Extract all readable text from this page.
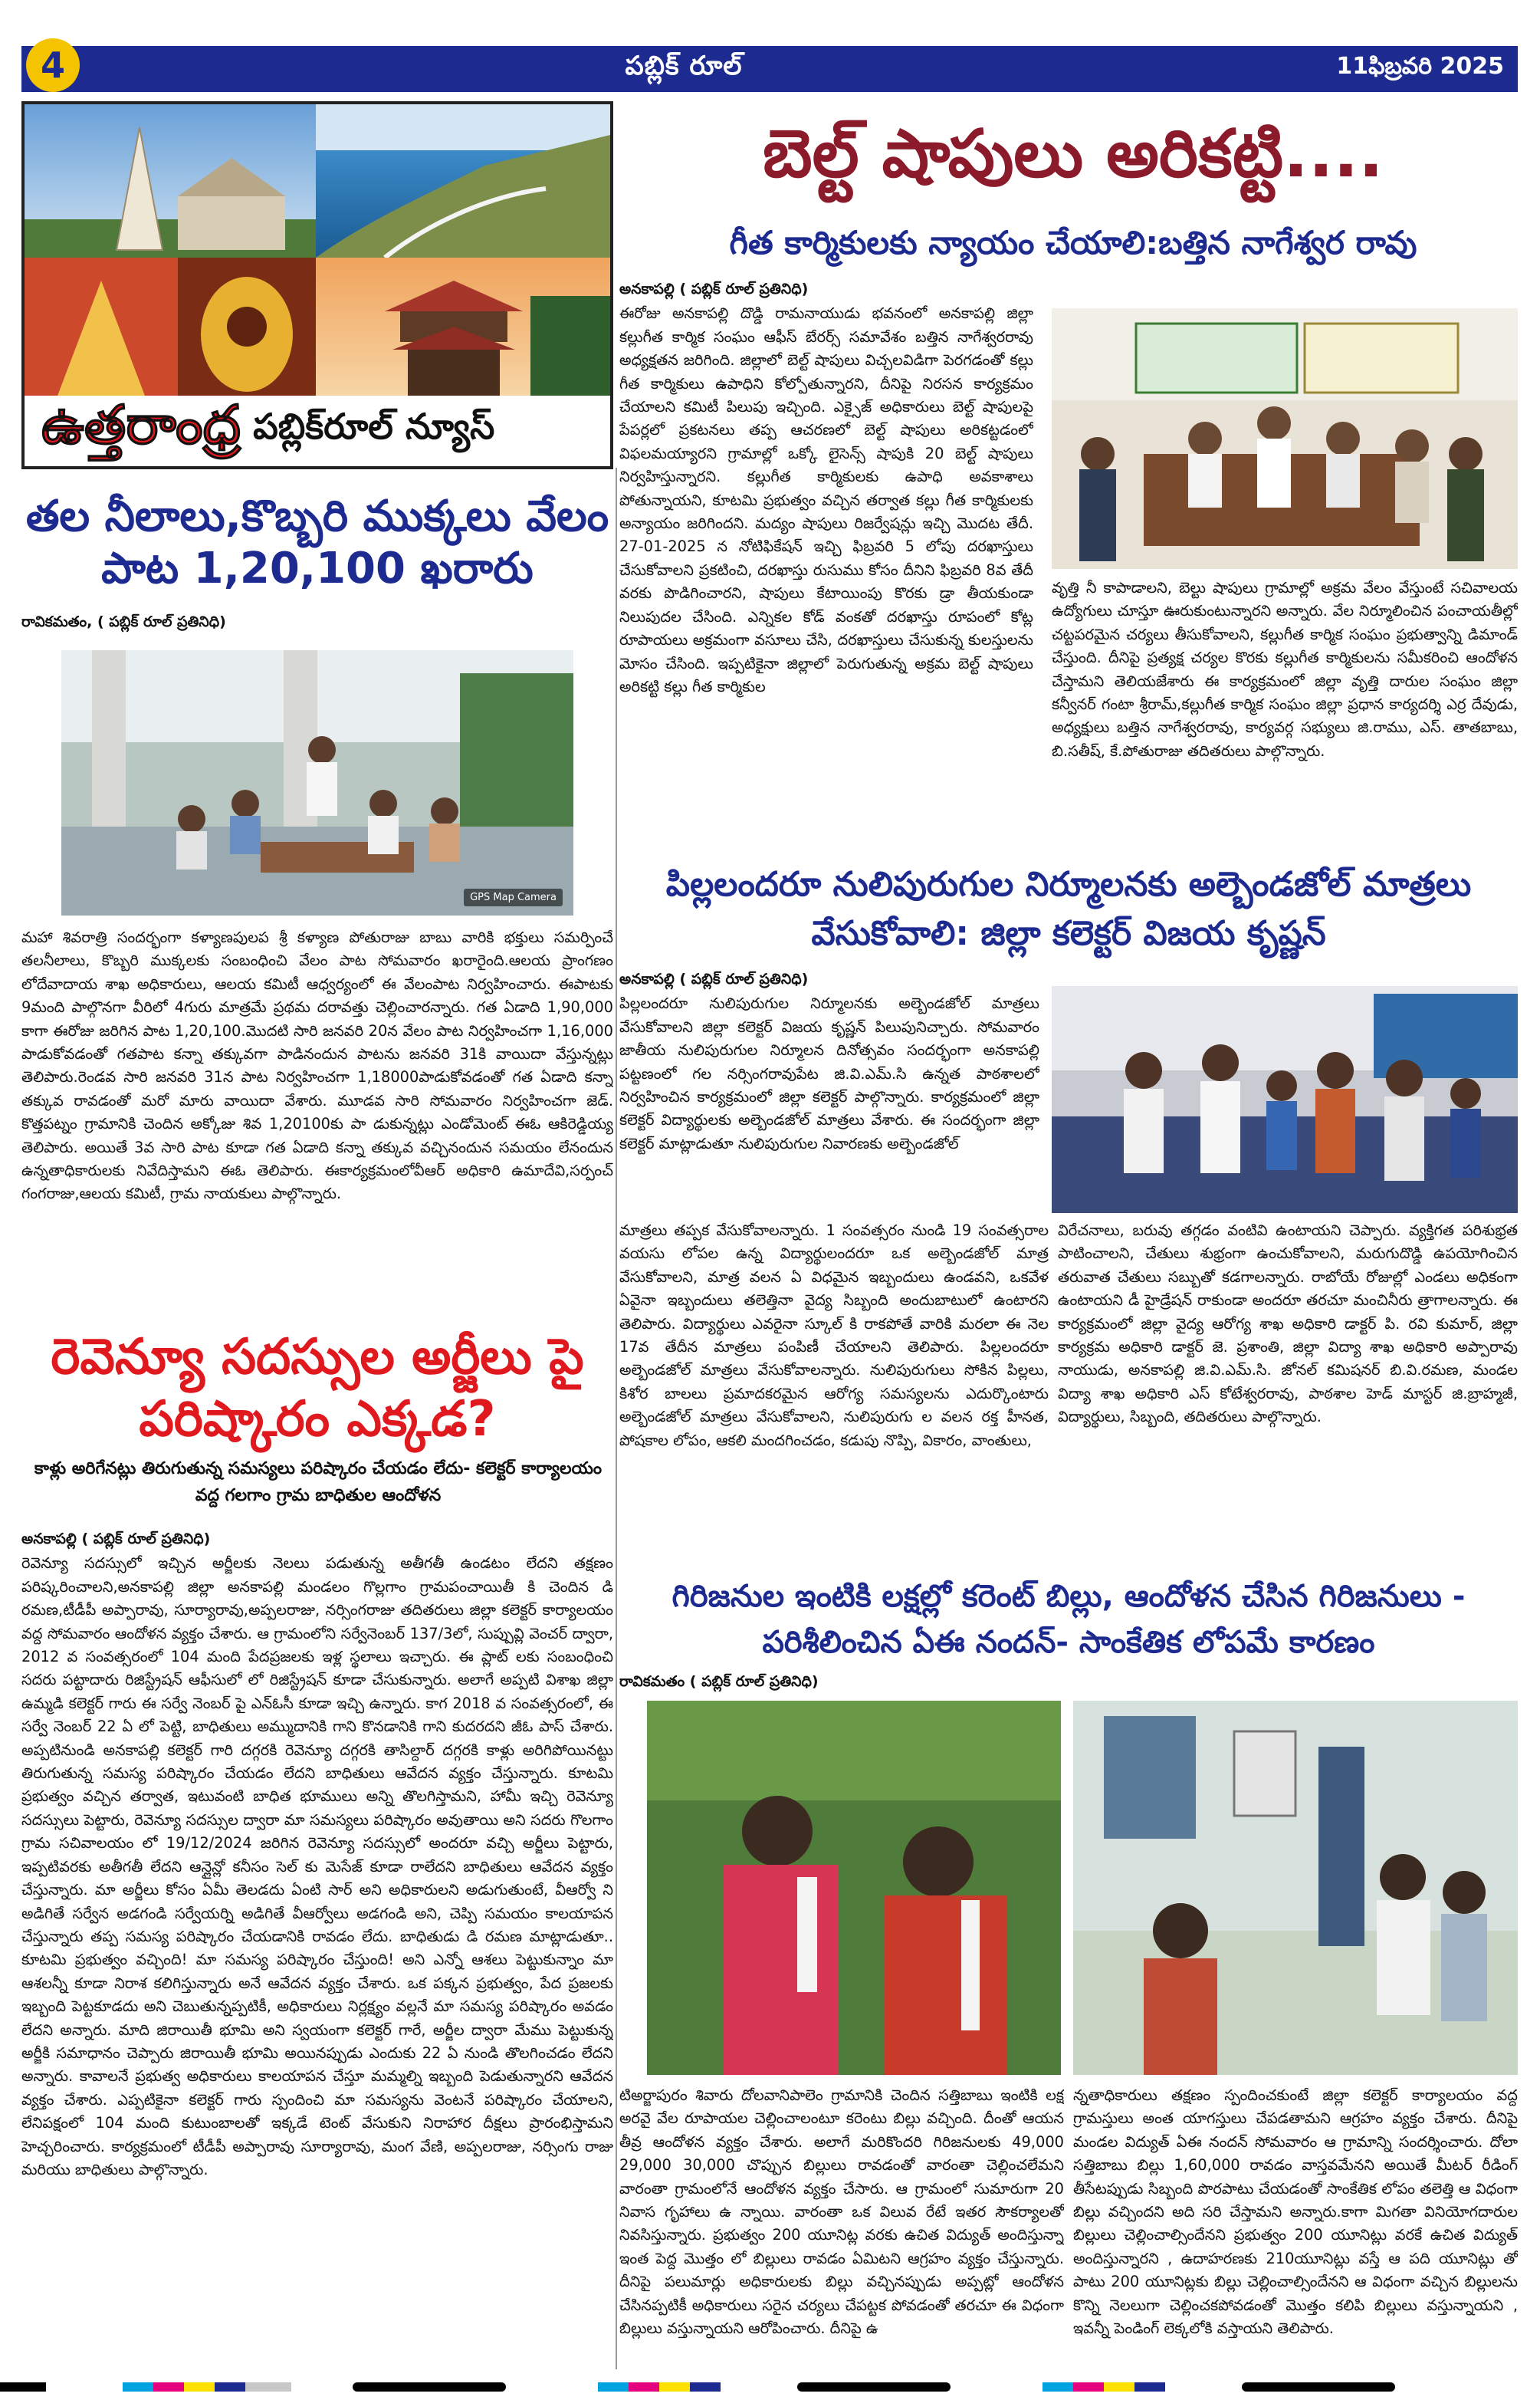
4	పబ్లిక్ రూల్	11ఫిబ్రవరి 2025
ఉత్తరాంధ్ర పబ్లిక్‌రూల్ న్యూస్
బెల్ట్ షాపులు అరికట్టి....
గీత కార్మికులకు న్యాయం చేయాలి:బత్తిన నాగేశ్వర రావు
అనకాపల్లి ( పబ్లిక్ రూల్ ప్రతినిధి)
ఈరోజు అనకాపల్లి దొడ్డి రామనాయుడు భవనంలో అనకాపల్లి జిల్లా కల్లుగీత కార్మిక సంఘం ఆఫీస్ బేరర్స్ సమావేశం బత్తిన నాగేశ్వరరావు అధ్యక్షతన జరిగింది. జిల్లాలో బెల్ట్ షాపులు విచ్చలవిడిగా పెరగడంతో కల్లు గీత కార్మికులు ఉపాధిని కోల్పోతున్నారని, దీనిపై నిరసన కార్యక్రమం చేయాలని కమిటీ పిలుపు ఇచ్చింది. ఎక్సైజ్ అధికారులు బెల్ట్ షాపులపై పేపర్లలో ప్రకటనలు తప్ప ఆచరణలో బెల్ట్ షాపులు అరికట్టడంలో విఫలమయ్యారని గ్రామాల్లో ఒక్కో లైసెన్స్ షాపుకి 20 బెల్ట్ షాపులు నిర్వహిస్తున్నారని. కల్లుగీత కార్మికులకు ఉపాధి అవకాశాలు పోతున్నాయని, కూటమి ప్రభుత్వం వచ్చిన తర్వాత కల్లు గీత కార్మికులకు అన్యాయం జరిగిందని. మద్యం షాపులు రిజర్వేషన్లు ఇచ్చి మొదట తేదీ. 27-01-2025 న నోటిఫికేషన్ ఇచ్చి ఫిబ్రవరి 5 లోపు దరఖాస్తులు చేసుకోవాలని ప్రకటించి, దరఖాస్తు రుసుము కోసం దీనిని ఫిబ్రవరి 8వ తేదీ వరకు పొడిగించారని, షాపులు కేటాయింపు కొరకు డ్రా తీయకుండా నిలుపుదల చేసింది. ఎన్నికల కోడ్ వంకతో దరఖాస్తు రూపంలో కోట్ల రూపాయలు అక్రమంగా వసూలు చేసి, దరఖాస్తులు చేసుకున్న కులస్తులను మోసం చేసింది. ఇప్పటికైనా జిల్లాలో పెరుగుతున్న అక్రమ బెల్ట్ షాపులు అరికట్టి కల్లు గీత కార్మికుల
వృత్తి నీ కాపాడాలని, బెల్టు షాపులు గ్రామాల్లో అక్రమ వేలం వేస్తుంటే సచివాలయ ఉద్యోగులు చూస్తూ ఊరుకుంటున్నారని అన్నారు. వేల నిర్మూలించిన పంచాయతీల్లో చట్టపరమైన చర్యలు తీసుకోవాలని, కల్లుగీత కార్మిక సంఘం ప్రభుత్వాన్ని డిమాండ్ చేస్తుంది. దీనిపై ప్రత్యక్ష చర్యల కొరకు కల్లుగీత కార్మికులను సమీకరించి ఆందోళన చేస్తామని తెలియజేశారు ఈ కార్యక్రమంలో జిల్లా వృత్తి దారుల సంఘం జిల్లా కన్వీనర్ గంటా శ్రీరామ్,కల్లుగీత కార్మిక సంఘం జిల్లా ప్రధాన కార్యదర్శి ఎర్ర దేవుడు, అధ్యక్షులు బత్తిన నాగేశ్వరరావు, కార్యవర్గ సభ్యులు జి.రాము, ఎస్. తాతబాబు, బి.సతీష్, కే.పోతురాజు తదితరులు పాల్గొన్నారు.
తల నీలాలు,కొబ్బరి ముక్కలు వేలం పాట 1,20,100 ఖరారు
రావికమతం, ( పబ్లిక్ రూల్ ప్రతినిధి)
GPS Map Camera
మహా శివరాత్రి సందర్భంగా కళ్యాణపులప శ్రీ కళ్యాణ పోతురాజు బాబు వారికి భక్తులు సమర్పించే తలనీలాలు, కొబ్బరి ముక్కలకు సంబంధించి వేలం పాట సోమవారం ఖరారైంది.ఆలయ ప్రాంగణం లోదేవాదాయ శాఖ అధికారులు, ఆలయ కమిటీ ఆధ్వర్యంలో ఈ వేలంపాట నిర్వహించారు. ఈపాటకు 9మంది పాల్గొనగా వీరిలో 4గురు మాత్రమే ప్రథమ దరావత్తు చెల్లించారన్నారు. గత ఏడాది 1,90,000 కాగా ఈరోజు జరిగిన పాట 1,20,100.మొదటి సారి జనవరి 20న వేలం పాట నిర్వహించగా 1,16,000 పాడుకోవడంతో గతపాట కన్నా తక్కువగా పాడినందున పాటను జనవరి 31కి వాయిదా వేస్తున్నట్లు తెలిపారు.రెండవ సారి జనవరి 31న పాట నిర్వహించగా 1,18000పాడుకోవడంతో గత ఏడాది కన్నా తక్కువ రావడంతో మరో మారు వాయిదా వేశారు. మూడవ సారి సోమవారం నిర్వహించగా జెడ్. కొత్తపట్నం గ్రామానికి చెందిన అక్కోజు శివ 1,20100కు పా డుకున్నట్లు ఎండోమెంట్ ఈఓ ఆకిరెడ్డియ్య తెలిపారు. అయితే 3వ సారి పాట కూడా గత ఏడాది కన్నా తక్కువ వచ్చినందున సమయం లేనందున ఉన్నతాధికారులకు నివేదిస్తామని ఈఓ తెలిపారు. ఈకార్యక్రమంలోవీఆర్ అధికారి ఉమాదేవి,సర్పంచ్ గంగరాజు,ఆలయ కమిటీ, గ్రామ నాయకులు పాల్గొన్నారు.
రెవెన్యూ సదస్సుల అర్జీలు పై పరిష్కారం ఎక్కడ?
కాళ్లు అరిగేనట్లు తిరుగుతున్న సమస్యలు పరిష్కారం చేయడం లేదు- కలెక్టర్ కార్యాలయం వద్ద గలగాం గ్రామ బాధితుల ఆందోళన
అనకాపల్లి ( పబ్లిక్ రూల్ ప్రతినిధి)
రెవెన్యూ సదస్సులో ఇచ్చిన అర్జీలకు నెలలు పడుతున్న అతీగతీ ఉండటం లేదని తక్షణం పరిష్కరించాలని,అనకాపల్లి జిల్లా అనకాపల్లి మండలం గొల్లగాం గ్రామపంచాయితీ కి చెందిన డి రమణ,టీడీపీ అప్పారావు, సూర్యారావు,అప్పలరాజు, నర్సింగరాజు తదితరులు జిల్లా కలెక్టర్ కార్యాలయం వద్ద సోమవారం ఆందోళన వ్యక్తం చేశారు. ఆ గ్రామంలోని సర్వేనెంబర్ 137/3లో, సుప్పువ్లి వెంచర్ ద్వారా, 2012 వ సంవత్సరంలో 104 మంది పేదప్రజలకు ఇళ్ల స్థలాలు ఇచ్చారు. ఈ ప్లాట్ లకు సంబంధించి సదరు పట్టాదారు రిజిస్ట్రేషన్ ఆఫీసులో లో రిజిస్ట్రేషన్ కూడా చేసుకున్నారు. అలాగే అప్పటి విశాఖ జిల్లా ఉమ్మడి కలెక్టర్ గారు ఈ సర్వే నెంబర్ పై ఎన్ఓసీ కూడా ఇచ్చి ఉన్నారు. కాగ 2018 వ సంవత్సరంలో, ఈ సర్వే నెంబర్ 22 ఏ లో పెట్టి, బాధితులు అమ్ముదానికి గాని కొనడానికి గాని కుదరదని జీఓ పాస్ చేశారు. అప్పటినుండి అనకాపల్లి కలెక్టర్ గారి దగ్గరకి రెవెన్యూ దగ్గరకి తాసిల్దార్ దగ్గరకి కాళ్లు అరిగిపోయినట్టు తిరుగుతున్న సమస్య పరిష్కారం చేయడం లేదని బాధితులు ఆవేదన వ్యక్తం చేస్తున్నారు. కూటమి ప్రభుత్వం వచ్చిన తర్వాత, ఇటువంటి బాధిత భూములు అన్ని తొలగిస్తామని, హామీ ఇచ్చి రెవెన్యూ సదస్సులు పెట్టారు, రెవెన్యూ సదస్సుల ద్వారా మా సమస్యలు పరిష్కారం అవుతాయి అని సదరు గొలగాం గ్రామ సచివాలయం లో 19/12/2024 జరిగిన రెవెన్యూ సదస్సులో అందరూ వచ్చి అర్జీలు పెట్టారు, ఇప్పటివరకు అతీగతీ లేదని ఆన్లైన్లో కనీసం సెల్ కు మెసేజ్ కూడా రాలేదని బాధితులు ఆవేదన వ్యక్తం చేస్తున్నారు. మా అర్జీలు కోసం ఏమీ తెలడదు ఏంటి సార్ అని అధికారులని అడుగుతుంటే, వీఆర్వో ని అడిగితే సర్వేన అడగండి సర్వేయర్ని అడిగితే వీఆర్వోలు అడగండి అని, చెప్పి సమయం కాలయాపన చేస్తున్నారు తప్ప సమస్య పరిష్కారం చేయడానికి రావడం లేదు. బాధితుడు డి రమణ మాట్లాడుతూ.. కూటమి ప్రభుత్వం వచ్చింది! మా సమస్య పరిష్కారం చేస్తుంది! అని ఎన్నో ఆశలు పెట్టుకున్నాం మా ఆశలన్నీ కూడా నిరాశ కలిగిస్తున్నారు అనే ఆవేదన వ్యక్తం చేశారు. ఒక పక్కన ప్రభుత్వం, పేద ప్రజలకు ఇబ్బంది పెట్టకూడదు అని చెబుతున్నప్పటికీ, అధికారులు నిర్లక్ష్యం వల్లనే మా సమస్య పరిష్కారం అవడం లేదని అన్నారు. మాది జిరాయితీ భూమి అని స్వయంగా కలెక్టర్ గారే, అర్జీల ద్వారా మేము పెట్టుకున్న అర్జీకి సమాధానం చెప్పారు జిరాయితీ భూమి అయినప్పుడు ఎందుకు 22 ఏ నుండి తొలగించడం లేదని అన్నారు. కావాలనే ప్రభుత్వ అధికారులు కాలయాపన చేస్తూ మమ్మల్ని ఇబ్బంది పెడుతున్నారని ఆవేదన వ్యక్తం చేశారు. ఎప్పటికైనా కలెక్టర్ గారు స్పందించి మా సమస్యను వెంటనే పరిష్కారం చేయాలని, లేనిపక్షంలో 104 మంది కుటుంబాలతో ఇక్కడే టెంట్ వేసుకుని నిరాహార దీక్షలు ప్రారంభిస్తామని హెచ్చరించారు. కార్యక్రమంలో టీడీపీ అప్పారావు సూర్యారావు, మంగ వేణి, అప్పలరాజు, నర్సింగు రాజు మరియు బాధితులు పాల్గొన్నారు.
పిల్లలందరూ నులిపురుగుల నిర్మూలనకు అల్బెండజోల్ మాత్రలు వేసుకోవాలి: జిల్లా కలెక్టర్ విజయ కృష్ణన్
అనకాపల్లి ( పబ్లిక్ రూల్ ప్రతినిధి)
పిల్లలందరూ నులిపురుగుల నిర్మూలనకు అల్బెండజోల్ మాత్రలు వేసుకోవాలని జిల్లా కలెక్టర్ విజయ కృష్ణన్ పిలుపునిచ్చారు. సోమవారం జాతీయ నులిపురుగుల నిర్మూలన దినోత్సవం సందర్భంగా అనకాపల్లి పట్టణంలో గల నర్సింగరావుపేట జి.వి.ఎమ్.సి ఉన్నత పాఠశాలలో నిర్వహించిన కార్యక్రమంలో జిల్లా కలెక్టర్ పాల్గొన్నారు. కార్యక్రమంలో జిల్లా కలెక్టర్ విద్యార్థులకు అల్బెండజోల్ మాత్రలు వేశారు. ఈ సందర్భంగా జిల్లా కలెక్టర్ మాట్లాడుతూ నులిపురుగుల నివారణకు అల్బెండజోల్
మాత్రలు తప్పక వేసుకోవాలన్నారు. 1 సంవత్సరం నుండి 19 సంవత్సరాల వయసు లోపల ఉన్న విద్యార్థులందరూ ఒక అల్బెండజోల్ మాత్ర వేసుకోవాలని, మాత్ర వలన ఏ విధమైన ఇబ్బందులు ఉండవని, ఒకవేళ ఏవైనా ఇబ్బందులు తలెత్తినా వైద్య సిబ్బంది అందుబాటులో ఉంటారని తెలిపారు. విద్యార్థులు ఎవరైనా స్కూల్ కి రాకపోతే వారికి మరలా ఈ నెల 17వ తేదీన మాత్రలు పంపిణీ చేయాలని తెలిపారు. పిల్లలందరూ అల్బెండజోల్ మాత్రలు వేసుకోవాలన్నారు. నులిపురుగులు సోకిన పిల్లలు, కిశోర బాలలు ప్రమాదకరమైన ఆరోగ్య సమస్యలను ఎదుర్కొంటారు అల్బెండజోల్ మాత్రలు వేసుకోవాలని, నులిపురుగు ల వలన రక్త హీనత, పోషకాల లోపం, ఆకలి మందగించడం, కడుపు నొప్పి, వికారం, వాంతులు,
విరేచనాలు, బరువు తగ్గడం వంటివి ఉంటాయని చెప్పారు. వ్యక్తిగత పరిశుభ్రత పాటించాలని, చేతులు శుభ్రంగా ఉంచుకోవాలని, మరుగుదొడ్డి ఉపయోగించిన తరువాత చేతులు సబ్బుతో కడగాలన్నారు. రాబోయే రోజుల్లో ఎండలు అధికంగా ఉంటాయని డీ హైడ్రేషన్ రాకుండా అందరూ తరచూ మంచినీరు త్రాగాలన్నారు. ఈ కార్యక్రమంలో జిల్లా వైద్య ఆరోగ్య శాఖ అధికారి డాక్టర్ పి. రవి కుమార్, జిల్లా కార్యక్రమ అధికారి డాక్టర్ జె. ప్రశాంతి, జిల్లా విద్యా శాఖ అధికారి అప్పారావు నాయుడు, అనకాపల్లి జి.వి.ఎమ్.సి. జోనల్ కమిషనర్ బి.వి.రమణ, మండల విద్యా శాఖ అధికారి ఎస్ కోటేశ్వరరావు, పాఠశాల హెడ్ మాస్టర్ జి.బ్రాహ్మజీ, విద్యార్థులు, సిబ్బంది, తదితరులు పాల్గొన్నారు.
గిరిజనుల ఇంటికి లక్షల్లో కరెంట్ బిల్లు, ఆందోళన చేసిన గిరిజనులు - పరిశీలించిన ఏఈ నందన్- సాంకేతిక లోపమే కారణం
రావికమతం ( పబ్లిక్ రూల్ ప్రతినిధి)
టిఅర్జాపురం శివారు దోలవానిపాలెం గ్రామానికి చెందిన సత్తిబాబు ఇంటికి లక్ష అరవై వేల రూపాయల చెల్లించాలంటూ కరెంటు బిల్లు వచ్చింది. దీంతో ఆయన తీవ్ర ఆందోళన వ్యక్తం చేశారు. అలాగే మరికొందరి గిరిజనులకు 49,000 29,000 30,000 చొప్పున బిల్లులు రావడంతో వారంతా చెల్లించలేమని వారంతా గ్రామంలోనే ఆందోళన వ్యక్తం చేసారు. ఆ గ్రామంలో సుమారుగా 20 నివాస గృహాలు ఉ న్నాయి. వారంతా ఒక విలువ రేటే ఇతర సౌకర్యాలతో నివసిస్తున్నారు. ప్రభుత్వం 200 యూనిట్ల వరకు ఉచిత విద్యుత్ అందిస్తున్నా ఇంత పెద్ద మొత్తం లో బిల్లులు రావడం ఏమిటని ఆగ్రహం వ్యక్తం చేస్తున్నారు. దీనిపై పలుమార్లు అధికారులకు బిల్లు వచ్చినప్పుడు అప్పట్లో ఆందోళన చేసినప్పటికీ అధికారులు సరైన చర్యలు చేపట్టక పోవడంతో తరచూ ఈ విధంగా బిల్లులు వస్తున్నాయని ఆరోపించారు. దీనిపై ఉ
న్నతాధికారులు తక్షణం స్పందించకుంటే జిల్లా కలెక్టర్ కార్యాలయం వద్ద గ్రామస్తులు అంత యాగస్తులు చేపడతామని ఆగ్రహం వ్యక్తం చేశారు. దీనిపై మండల విద్యుత్ ఏఈ నందన్ సోమవారం ఆ గ్రామాన్ని సందర్శించారు. దోలా సత్తిబాబు బిల్లు 1,60,000 రావడం వాస్తవమేనని అయితే మీటర్ రీడింగ్ తీసేటప్పుడు సిబ్బంది పొరపాటు చేయడంతో సాంకేతిక లోపం తలెత్తి ఆ విధంగా బిల్లు వచ్చిందని అది సరి చేస్తామని అన్నారు.కాగా మిగతా వినియోగదారుల బిల్లులు చెల్లించాల్సిందేనని ప్రభుత్వం 200 యూనిట్లు వరకే ఉచిత విద్యుత్ అందిస్తున్నారని , ఉదాహరణకు 210యూనిట్లు వస్తే ఆ పది యూనిట్లు తో పాటు 200 యూనిట్లకు బిల్లు చెల్లించాల్సిందేనని ఆ విధంగా వచ్చిన బిల్లులను కొన్ని నెలలుగా చెల్లించకపోవడంతో మొత్తం కలిపి బిల్లులు వస్తున్నాయని , ఇవన్నీ పెండింగ్ లెక్కలోకి వస్తాయని తెలిపారు.
